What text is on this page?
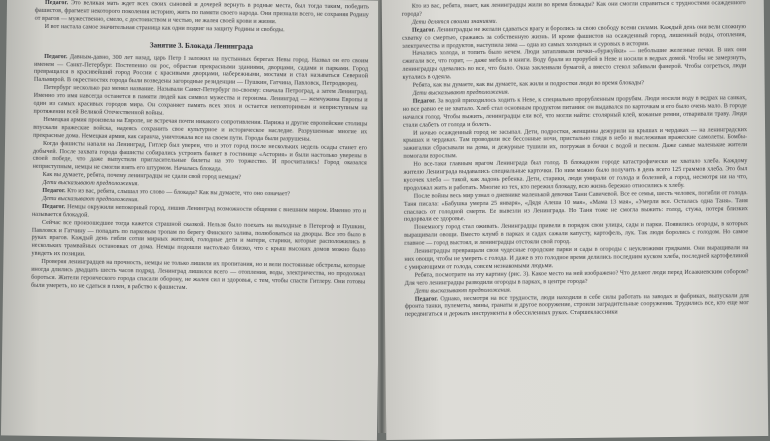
Педагог. Это великая мать ждет всех своих сыновей и дочерей вернуть в родные места, был тогда таким, победить фашистов, фрагмент некоторого поколения историю, жить по памяти своего народа. Они признали всего, не сохраняя Родину от врагов — мужественно, смело, с достоинством и честью, не жалея своей крови и жизни.

И вот настала самое значительная страница как одни подвиг на защиту Родины и свободы.

Занятие 3. Блокада Ленинграда

Педагог. Давным-давно, 300 лет назад, царь Петр I заложил на пустынных берегах Невы город. Назвал он его своим именем — Санкт-Петербург. Постепенно он рос, обрастая прекрасными зданиями, дворцами, садами и парками. Город превращался в красивейший город России с красивыми дворцами, набережными, мостами и стал называться Северной Пальмирой. В окрестностях города были возведены загородные резиденции — Пушкин, Гатчина, Павловск, Петродворец.

Петербург несколько раз менял название. Называли Санкт-Петербург по-своему: сначала Петроград, а затем Ленинград. Именно это имя навсегда останется в памяти людей как символ мужества и героизма. Ленинград — жемчужина Европы и один из самых красивых городов мира. Он сохраняет память всех эпох и остается неповторимым и неприступным на протяжении всей Великой Отечественной войны.

Немецкая армия произвела на Европе, не встречая почти никакого сопротивления. Парижа и другие европейские столицы впускали вражеские войска, надеясь сохранить свое культурное и историческое наследие. Разрушенные многие их прекрасные дома. Немецкая армия, как саранча, уничтожала все на своем пути. Города были разрушены.

Когда фашисты напали на Ленинград, Гитлер был уверен, что и этот город после нескольких недель осады станет его добычей. После захвата города фашисты собирались устроить банкет в гостинице «Астория» и были настолько уверены в своей победе, что даже выпустили пригласительные билеты на это торжество. И просчитались! Город оказался неприступным, немцы не смогли взять его штурмом. Началась блокада.

Как вы думаете, ребята, почему ленинградцы не сдали свой город немцам?

Дети высказывают предположения.

Педагог. Кто из вас, ребята, слышал это слово — блокада? Как вы думаете, что оно означает?

Дети высказывают предположения.

Педагог. Немцы окружили непокорный город, лишив Ленинград возможности общения с внешним миром. Именно это и называется блокадой.

Сейчас все произошедшее тогда кажется страшной сказкой. Нельзя было поехать на выходные в Петергоф и Пушкин, Павловск и Гатчину — попадать по парковым тропам по берегу Финского залива, полюбоваться на дворцы. Все это было в руках врагов. Каждый день гибли сотни мирных жителей, голодные дети и матери, старики, которые расположились в нескольких трамвайных остановках от дома. Немцы подошли настолько близко, что с крыш высоких домов можно было увидеть их позиции.

Проверяя ленинградцев на прочность, немцы не только лишили их пропитания, но и вели постоянные обстрелы, которые иногда длились двадцать шесть часов подряд. Ленинград лишился всего — отопления, воды, электричества, но продолжал бороться. Жители героического города спасали оборону, не жалея сил и здоровья, с тем, чтобы спасти Гитлеру. Они готовы были умереть, но не сдаться в плен, в рабство к фашистам.

Кто из вас, ребята, знает, как ленинградцы жили во время блокады? Как они смогли справиться с трудностями осажденного города?

Дети делятся своими знаниями.

Педагог. Ленинградцы не желали сдаваться врагу и боролись за свою свободу всеми силами. Каждый день они вели сложную схватку со смертью, сражаясь за собственную жизнь. И кроме фашистов на осажденный город, лишенный воды, отопления, электричества и продуктов, наступила зима — одна из самых холодных и суровых в истории.

Начались холода, и топить было нечем. Люди затапливали печки-«буржуйки» — небольшие железные печки. В них они сжигали все, что горит, — даже мебель и книги. Воду брали из прорубей в Неве и носили в ведрах домой. Чтобы не замерзнуть, ленинградцы одевались во все, что было. Окна заклеивали бумагой, а вместо стекол забивали фанерой. Чтобы согреться, люди кутались в одеяла.

Ребята, как вы думаете, как вы думаете, как жили и подростки люди во время блокады?

Дети высказывают предположения.

Педагог. За водой приходилось ходить к Неве, к специально прорубленным прорубям. Люди носили воду в ведрах на санках, но все равно ее не хватало. Хлеб стал основным продуктом питания: он выдавался по карточкам и его было очень мало. В городе начался голод. Чтобы выжить, ленинградцы ели всё, что могли найти: столярный клей, кожаные ремни, отваривали траву. Люди стали слабеть от голода и болеть.

И ночью осажденный город не засыпал. Дети, подростки, женщины дежурили на крышах и чердаках — на ленинградских крышах и чердаках. Там проводили все бессонные ночи, пристально глядя в небо и выслеживая вражеские самолеты. Бомбы-зажигалки сбрасывали на дома, и дежурные тушили их, погружая в бочки с водой и песком. Даже самые маленькие жители помогали взрослым.

Но все-таки главным врагом Ленинграда был голод. В блокадном городе катастрофически не хватало хлеба. Каждому жителю Ленинграда выдавались специальные карточки. По ним можно было получить в день всего 125 граммов хлеба. Это был кусочек хлеба — такой, как ладонь ребенка. Дети, старики, люди умирали от голода и болезней, а город, несмотря ни на что, продолжал жить и работать. Многие из тех, кто пережил блокаду, всю жизнь бережно относились к хлебу.

После войны весь мир узнал о дневнике маленькой девочки Тани Савичевой. Все ее семья, шесть человек, погибли от голода. Таня писала: «Бабушка умерла 25 января», «Дядя Алеша 10 мая», «Мама 13 мая», «Умерли все. Осталась одна Таня». Таня спаслась от голодной смерти. Ее вывезли из Ленинграда. Но Таня тоже не смогла выжить: голод, стужа, потеря близких подорвали ее здоровье.

Понемногу город стал оживать. Ленинградцы привели в порядок свои улицы, сады и парки. Появились огороды, в которых выращивали овощи. Вместо клумб в парках и садах сажали капусту, картофель, лук. Так люди боролись с голодом. Но самое главное — город выстоял, и ленинградцы отстояли свой город.

Ленинградцы превращали свои чудесные городские парки и сады в огороды с неуклюжими грядками. Они выращивали на них овощи, чтобы не умереть с голода. И даже в это голодное время делились последним куском хлеба, последней картофелиной с умирающими от голода, совсем незнакомыми людьми.

Ребята, посмотрите на эту картину (рис. 3). Какое место на ней изображено? Что делают люди перед Исаакиевским собором? Для чего ленинградцы разводили огороды в парках, в центре города?

Дети высказывают предположения.

Педагог. Однако, несмотря на все трудности, люди находили в себе силы работать на заводах и фабриках, выпускали для фронта танки, пулеметы, мины, гранаты и другое вооружение, строили заградительные сооружения. Трудились все, кто еще мог передвигаться и держать инструменты в обессиленных руках. Старшеклассники
